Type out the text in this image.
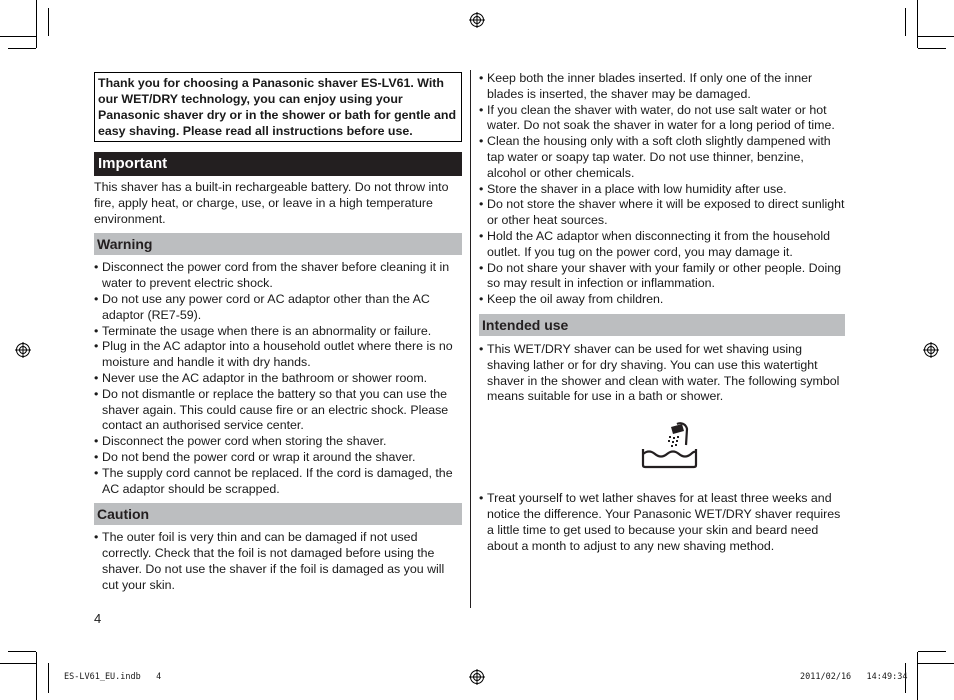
Thank you for choosing a Panasonic shaver ES-LV61. With our WET/DRY technology, you can enjoy using your Panasonic shaver dry or in the shower or bath for gentle and easy shaving. Please read all instructions before use.
Important

This shaver has a built-in rechargeable battery. Do not throw into fire, apply heat, or charge, use, or leave in a high temperature environment.

Warning
• Disconnect the power cord from the shaver before cleaning it in water to prevent electric shock.
• Do not use any power cord or AC adaptor other than the AC adaptor (RE7-59).
• Terminate the usage when there is an abnormality or failure.
• Plug in the AC adaptor into a household outlet where there is no moisture and handle it with dry hands.
• Never use the AC adaptor in the bathroom or shower room.
• Do not dismantle or replace the battery so that you can use the shaver again. This could cause fire or an electric shock. Please contact an authorised service center.
• Disconnect the power cord when storing the shaver.
• Do not bend the power cord or wrap it around the shaver.
• The supply cord cannot be replaced. If the cord is damaged, the AC adaptor should be scrapped.
Caution
• The outer foil is very thin and can be damaged if not used correctly. Check that the foil is not damaged before using the shaver. Do not use the shaver if the foil is damaged as you will cut your skin.
4
• Keep both the inner blades inserted. If only one of the inner blades is inserted, the shaver may be damaged.
• If you clean the shaver with water, do not use salt water or hot water. Do not soak the shaver in water for a long period of time.
• Clean the housing only with a soft cloth slightly dampened with tap water or soapy tap water. Do not use thinner, benzine, alcohol or other chemicals.
• Store the shaver in a place with low humidity after use.
• Do not store the shaver where it will be exposed to direct sunlight or other heat sources.
• Hold the AC adaptor when disconnecting it from the household outlet. If you tug on the power cord, you may damage it.
• Do not share your shaver with your family or other people. Doing so may result in infection or inflammation.
• Keep the oil away from children.
Intended use
• This WET/DRY shaver can be used for wet shaving using shaving lather or for dry shaving. You can use this watertight shaver in the shower and clean with water. The following symbol means suitable for use in a bath or shower.
• Treat yourself to wet lather shaves for at least three weeks and notice the difference. Your Panasonic WET/DRY shaver requires a little time to get used to because your skin and beard need about a month to adjust to any new shaving method.
ES-LV61_EU.indb   4	2011/02/16   14:49:34
